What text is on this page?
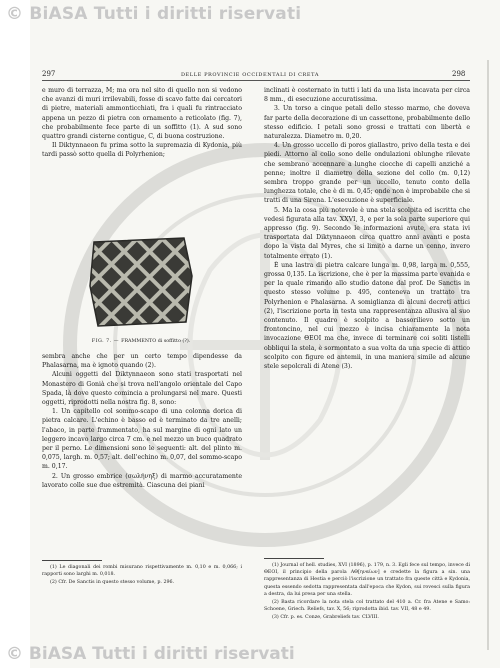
© BiASA Tutti i diritti riservati
© BiASA Tutti i diritti riservati
297	DELLE PROVINCIE OCCIDENTALI DI CRETA	298

e muro di terrazza, M; ma ora nel sito di quello non si vedono che avanzi di muri irrilevabili, fosse di scavo fatte dai cercatori di pietre, materiali ammonticchiati, fra i quali fu rintracciato appena un pezzo di pietra con ornamento a reticolato (fig. 7), che probabilmente fece parte di un soffitto (1). A sud sono quattro grandi cisterne contigue, C, di buona costruzione.

Il Diktynnaeon fu prima sotto la supremazia di Kydonia, più tardi passò sotto quella di Polyrhenion;

FIG. 7. — FRAMMENTO di soffitto (?).

sembra anche che per un certo tempo dipendesse da Phalasarna, ma è ignoto quando (2).

Alcuni oggetti del Diktynnaeon sono stati trasportati nel Monastero di Gonià che si trova nell'angolo orientale del Capo Spada, là dove questo comincia a prolungarsi nel mare. Questi oggetti, riprodotti nella nostra fig. 8, sono:

1. Un capitello col sommo-scapo di una colonna dorica di pietra calcare. L'echino è basso ed è terminato da tre anelli; l'abaco, in parte frammentato, ha sul margine di ogni lato un leggero incavo largo circa 7 cm. e nel mezzo un buco quadrato per il perno. Le dimensioni sono le seguenti: alt. del plinto m. 0,075, largh. m. 0,57; alt. dell'echino m. 0,07, del sommo-scapo m. 0,17.

2. Un grosso embrice (σωλήνηξ) di marmo accuratamente lavorato colle sue due estremità. Ciascuna dei piani

(1) Le diagonali dei rombi misurano rispettivamente m. 0,10 e m. 0,066; i rapporti sono larghi m. 0,018.

(2) Cfr. De Sanctis in questo stesso volume, p. 296.

inclinati è costernato in tutti i lati da una lista incavata per circa 8 mm., di esecuzione accuratissima.

3. Un torso a cinque petali dello stesso marmo, che doveva far parte della decorazione di un cassettone, probabilmente dello stesso edificio. I petali sono grossi e trattati con libertà e naturalezza. Diametro m. 0,20.

4. Un grosso uccello di poros giallastro, privo della testa e dei piedi. Attorno al collo sono delle ondulazioni oblunghe rilevate che sembrano accennare a lunghe ciocche di capelli anziché a penne; inoltre il diametro della sezione del collo (m. 0,12) sembra troppo grande per un uccello, tenuto conto della lunghezza totale, che è di m. 0,45; onde non è improbabile che si tratti di una Sirena. L'esecuzione è superficiale.

5. Ma la cosa più notevole è una stela scolpita ed iscritta che vedesi figurata alla tav. XXVI, 3, e per la sola parte superiore qui appresso (fig. 9). Secondo le informazioni avute, era stata ivi trasportata dal Diktynnaeon circa quattro anni avanti e posta dopo la vista dal Myres, che si limitò a darne un cenno, invero totalmente errato (1).

È una lastra di pietra calcare lunga m. 0,98, larga m. 0,555, grossa 0,135. La iscrizione, che è per la massima parte evanida e per la quale rimando allo studio datone dal prof. De Sanctis in questo stesso volume p. 495, conteneva un trattato tra Polyrhenion e Phalasarna. A somiglianza di alcuni decreti attici (2), l'iscrizione porta in testa una rappresentanza allusiva al suo contenuto. Il quadro è scolpito a bassorilievo sotto un frontoncino, nel cui mezzo è incisa chiaramente la nota invocazione ΘΕΟΙ ma che, invece di terminare coi soliti listelli obbliqui la stela, è sormontato a sua volta da una specie di attico scolpito con figure ed antemii, in una maniera simile ad alcune stele sepolcrali di Atene (3).

(1) Journal of hell. studies, XVI (1896), p. 179, n. 3. Egli fece sul tempo, invece di ΘΕΟΙ, il principio della parola ΑΘ[ηναίων] e credette la figura a sin. una rappresentanza di Hestia e perciò l'iscrizione un trattato fra queste città e Kydonia, questa essendo sedotta rappresentata dall'epoca che Kydon, sui rovesci sulla figura a destra, da lui presa per una stella.

(2) Basta ricordare la nota stela col trattato del 410 a. Cr. fra Atene e Samo: Schoene, Griech. Reliefs, tav. X, 56; riprodotta ibid. tav. VII, 48 e 49.

(3) Cfr. p. es. Conze, Grabreliefs tav. CLVIII.
